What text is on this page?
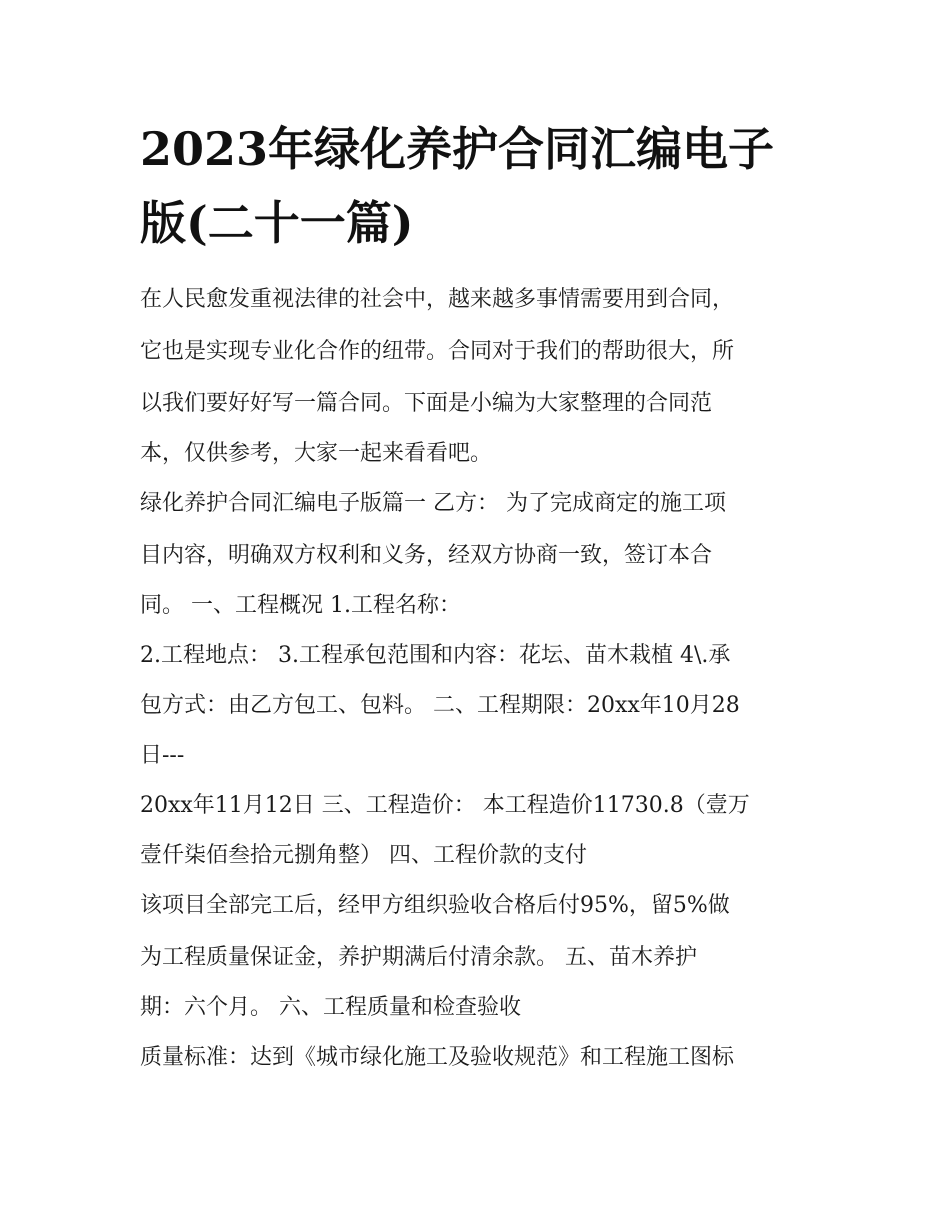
2023年绿化养护合同汇编电子
版(二十一篇)

在人民愈发重视法律的社会中，越来越多事情需要用到合同，

它也是实现专业化合作的纽带。合同对于我们的帮助很大，所

以我们要好好写一篇合同。下面是小编为大家整理的合同范

本，仅供参考，大家一起来看看吧。

绿化养护合同汇编电子版篇一 乙方： 为了完成商定的施工项

目内容，明确双方权利和义务，经双方协商一致，签订本合

同。 一、工程概况 1.工程名称：

2.工程地点： 3.工程承包范围和内容：花坛、苗木栽植 4\.承

包方式：由乙方包工、包料。 二、工程期限：20xx年10月28

日---

20xx年11月12日 三、工程造价： 本工程造价11730.8（壹万

壹仟柒佰叁拾元捌角整） 四、工程价款的支付

该项目全部完工后，经甲方组织验收合格后付95%，留5%做

为工程质量保证金，养护期满后付清余款。 五、苗木养护

期：六个月。 六、工程质量和检查验收

质量标准：达到《城市绿化施工及验收规范》和工程施工图标
